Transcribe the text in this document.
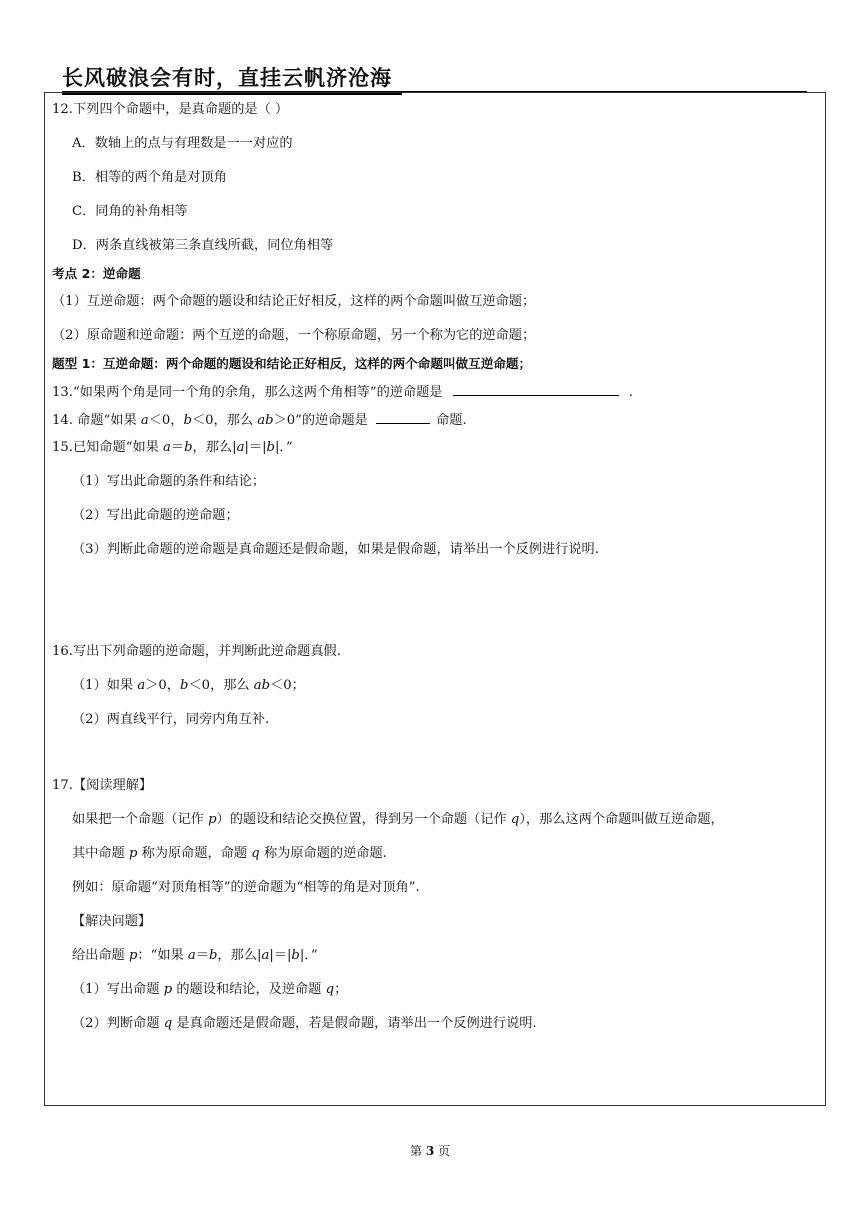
长风破浪会有时，直挂云帆济沧海
12.下列四个命题中，是真命题的是（ ）
A．数轴上的点与有理数是一一对应的
B．相等的两个角是对顶角
C．同角的补角相等
D．两条直线被第三条直线所截，同位角相等
考点 2：逆命题
（1）互逆命题：两个命题的题设和结论正好相反，这样的两个命题叫做互逆命题；
（2）原命题和逆命题：两个互逆的命题，一个称原命题，另一个称为它的逆命题；
题型 1：互逆命题：两个命题的题设和结论正好相反，这样的两个命题叫做互逆命题；
13.“如果两个角是同一个角的余角，那么这两个角相等”的逆命题是	.
14. 命题“如果 a＜0，b＜0，那么 ab＞0”的逆命题是	命题.
15.已知命题“如果 a＝b，那么|a|＝|b|．”
（1）写出此命题的条件和结论；
（2）写出此命题的逆命题；
（3）判断此命题的逆命题是真命题还是假命题，如果是假命题，请举出一个反例进行说明.
16.写出下列命题的逆命题，并判断此逆命题真假.
（1）如果 a＞0，b＜0，那么 ab＜0；
（2）两直线平行，同旁内角互补.
17.【阅读理解】
如果把一个命题（记作 p）的题设和结论交换位置，得到另一个命题（记作 q），那么这两个命题叫做互逆命题，
其中命题 p 称为原命题，命题 q 称为原命题的逆命题.
例如：原命题“对顶角相等”的逆命题为“相等的角是对顶角”.
【解决问题】
给出命题 p：“如果 a＝b，那么|a|＝|b|．”
（1）写出命题 p 的题设和结论，及逆命题 q；
（2）判断命题 q 是真命题还是假命题，若是假命题，请举出一个反例进行说明.
第 3 页
